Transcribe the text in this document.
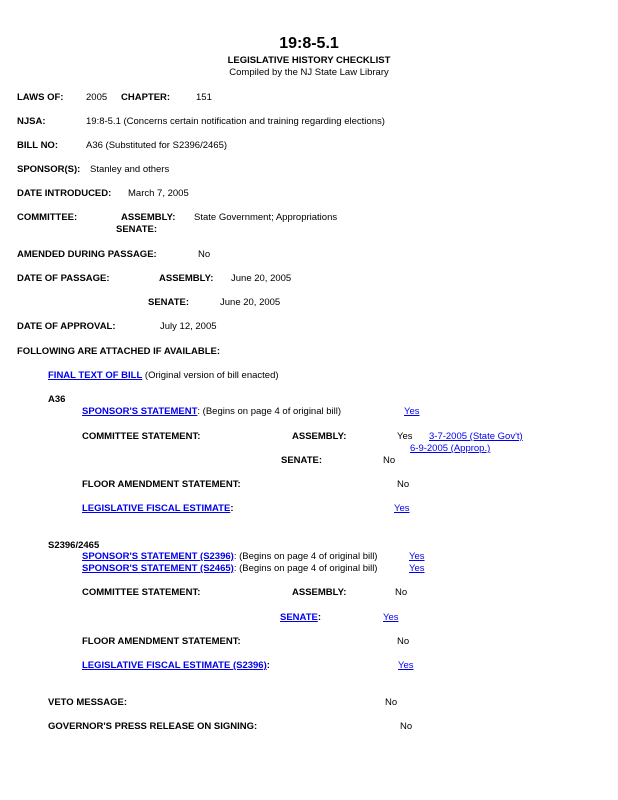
19:8-5.1
LEGISLATIVE HISTORY CHECKLIST
Compiled by the NJ State Law Library
LAWS OF: 2005 CHAPTER:	151
NJSA:	19:8-5.1 (Concerns certain notification and training regarding elections)
BILL NO:	A36 (Substituted for S2396/2465)
SPONSOR(S): Stanley and others
DATE INTRODUCED: March 7, 2005
COMMITTEE:	ASSEMBLY: State Government; Appropriations
SENATE:
AMENDED DURING PASSAGE:	No
DATE OF PASSAGE:	ASSEMBLY: June 20, 2005
SENATE:	June 20, 2005
DATE OF APPROVAL:	July 12, 2005
FOLLOWING ARE ATTACHED IF AVAILABLE:
FINAL TEXT OF BILL (Original version of bill enacted)
A36
SPONSOR'S STATEMENT: (Begins on page 4 of original bill)	Yes
COMMITTEE STATEMENT:	ASSEMBLY:	Yes 3-7-2005 (State Gov't)
6-9-2005 (Approp.)
SENATE:	No
FLOOR AMENDMENT STATEMENT:	No
LEGISLATIVE FISCAL ESTIMATE:	Yes
S2396/2465
SPONSOR'S STATEMENT (S2396): (Begins on page 4 of original bill)	Yes
SPONSOR'S STATEMENT (S2465): (Begins on page 4 of original bill)	Yes
COMMITTEE STATEMENT:	ASSEMBLY:	No
SENATE:	Yes
FLOOR AMENDMENT STATEMENT:	No
LEGISLATIVE FISCAL ESTIMATE (S2396):	Yes
VETO MESSAGE:	No
GOVERNOR'S PRESS RELEASE ON SIGNING:	No
